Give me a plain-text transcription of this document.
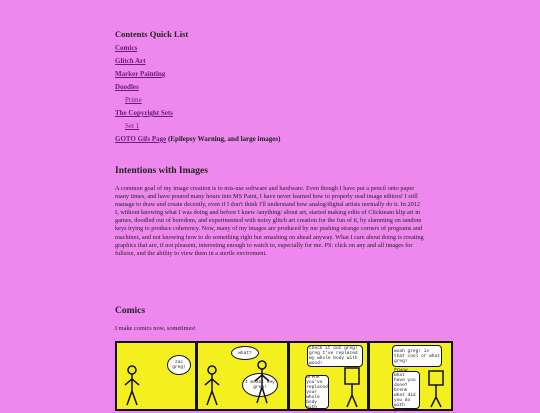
Contents Quick List
Comics
Glitch Art
Marker Painting
Doodles
Prime
The Copyright Sets
Set 1
GOTO Gifs Page (Epilepsy Warning, and large images)
Intentions with Images
A common goal of my image creation is to mis-use software and hardware. Even though I have put a pencil onto paper many times, and have poured many hours into MS Paint, I have never learned how to properly read image editors! I still manage to draw and create decently, even if I don't think I'll understand how analog/digital artists normally do it. In 2012 I, without knowing what I was doing and before I knew /anything/ about art, started making edits of Clickteam klip art in games, doodled out of boredom, and experimented with noisy glitch art creation for the fun of it, by slamming on random keys trying to produce coherency. Now, many of my images are produced by me pushing strange corners of programs and machines, and not knowing how to do something right but smashing on ahead anyway. What I care about doing is creating graphics that are, if not pleasent, interesting enough to watch to, especially for me. PS: click on any and all images for fullsize, and the ability to view them in a sterile enviroment.
Comics
I make comics now, sometimes!
zac greg!
what?
I meant hey greg!
check it out greg! greg I've replaced my whole body with wood!
brenk you've replaced your whole body with
woah greg! is that cool or what greg!
Prwow what have you done? brenk what did you do with your
